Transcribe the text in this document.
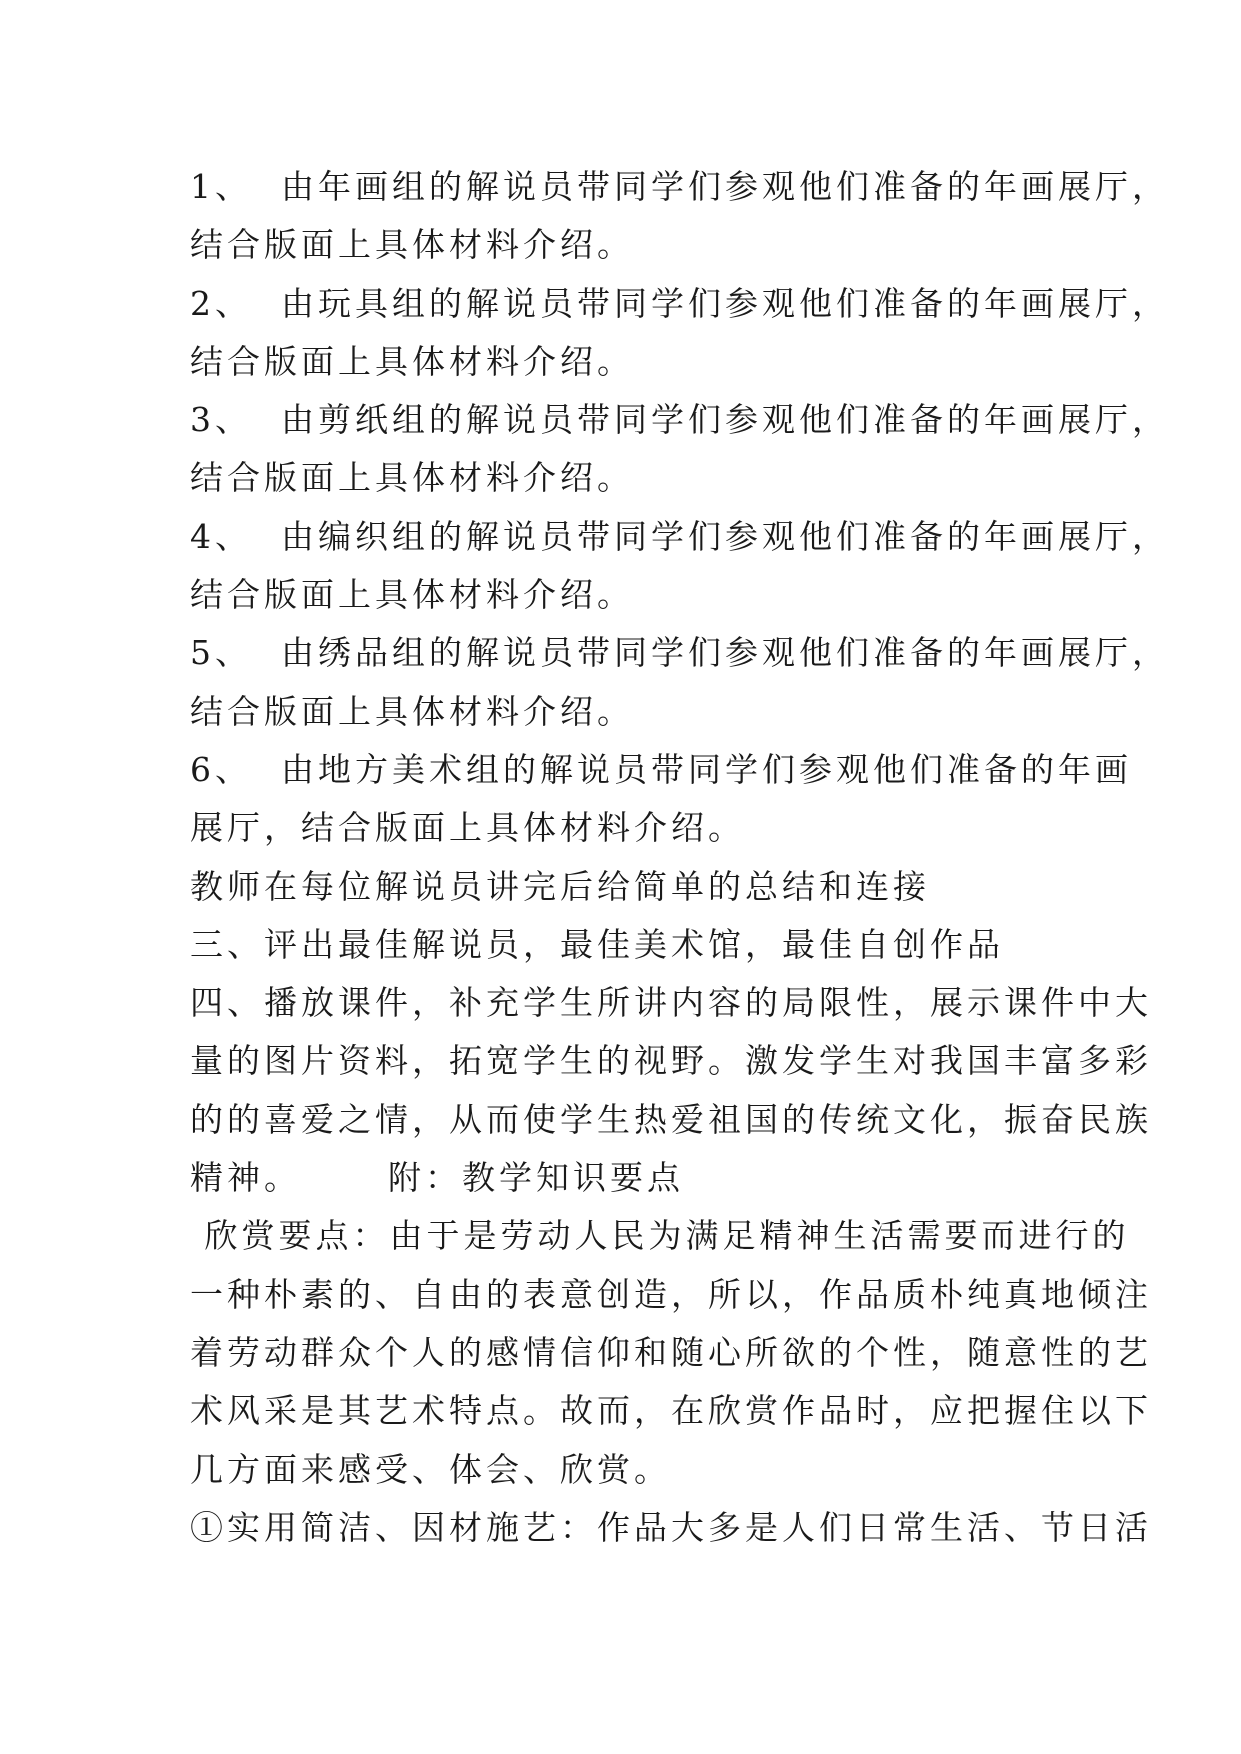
1、  由年画组的解说员带同学们参观他们准备的年画展厅，
结合版面上具体材料介绍。
2、  由玩具组的解说员带同学们参观他们准备的年画展厅，
结合版面上具体材料介绍。
3、  由剪纸组的解说员带同学们参观他们准备的年画展厅，
结合版面上具体材料介绍。
4、  由编织组的解说员带同学们参观他们准备的年画展厅，
结合版面上具体材料介绍。
5、  由绣品组的解说员带同学们参观他们准备的年画展厅，
结合版面上具体材料介绍。
6、  由地方美术组的解说员带同学们参观他们准备的年画
展厅，结合版面上具体材料介绍。
教师在每位解说员讲完后给简单的总结和连接
三、评出最佳解说员，最佳美术馆，最佳自创作品
四、播放课件，补充学生所讲内容的局限性，展示课件中大
量的图片资料，拓宽学生的视野。激发学生对我国丰富多彩
的的喜爱之情，从而使学生热爱祖国的传统文化，振奋民族
精神。      附：教学知识要点
欣赏要点：由于是劳动人民为满足精神生活需要而进行的
一种朴素的、自由的表意创造，所以，作品质朴纯真地倾注
着劳动群众个人的感情信仰和随心所欲的个性，随意性的艺
术风采是其艺术特点。故而，在欣赏作品时，应把握住以下
几方面来感受、体会、欣赏。
①实用简洁、因材施艺：作品大多是人们日常生活、节日活
